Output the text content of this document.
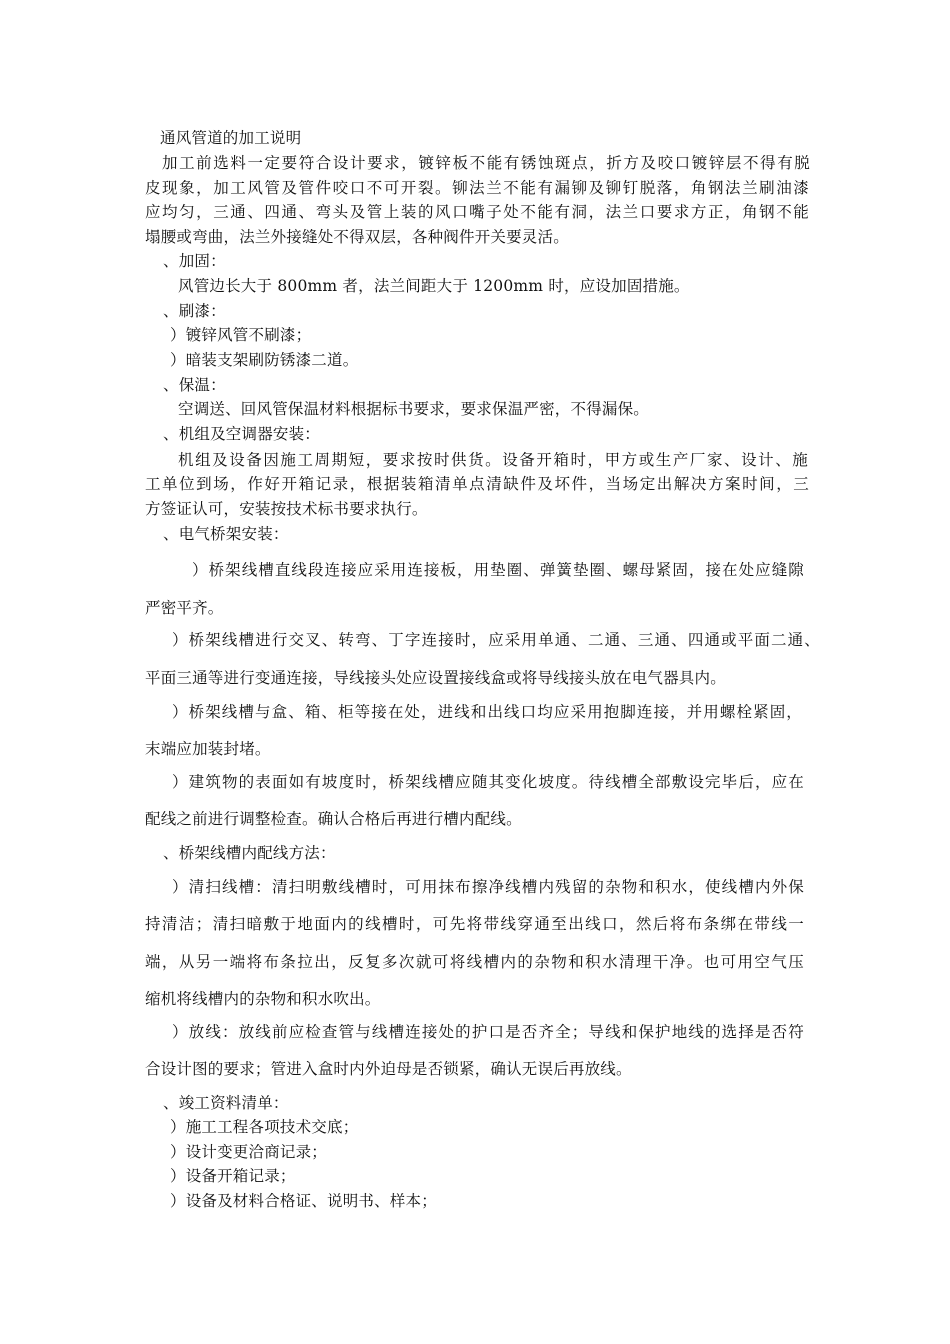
通风管道的加工说明
加工前选料一定要符合设计要求，镀锌板不能有锈蚀斑点，折方及咬口镀锌层不得有脱
皮现象，加工风管及管件咬口不可开裂。铆法兰不能有漏铆及铆钉脱落，角钢法兰刷油漆
应均匀，三通、四通、弯头及管上装的风口嘴子处不能有洞，法兰口要求方正，角钢不能
塌腰或弯曲，法兰外接缝处不得双层，各种阀件开关要灵活。
、加固：
风管边长大于 800mm 者，法兰间距大于 1200mm 时，应设加固措施。
、刷漆：
）镀锌风管不刷漆；
）暗装支架刷防锈漆二道。
、保温：
空调送、回风管保温材料根据标书要求，要求保温严密，不得漏保。
、机组及空调器安装：
机组及设备因施工周期短，要求按时供货。设备开箱时，甲方或生产厂家、设计、施
工单位到场，作好开箱记录，根据装箱清单点清缺件及坏件，当场定出解决方案时间，三
方签证认可，安装按技术标书要求执行。
、电气桥架安装：
）桥架线槽直线段连接应采用连接板，用垫圈、弹簧垫圈、螺母紧固，接在处应缝隙
严密平齐。
）桥架线槽进行交叉、转弯、丁字连接时，应采用单通、二通、三通、四通或平面二通、
平面三通等进行变通连接，导线接头处应设置接线盒或将导线接头放在电气器具内。
）桥架线槽与盒、箱、柜等接在处，进线和出线口均应采用抱脚连接，并用螺栓紧固，
末端应加装封堵。
）建筑物的表面如有坡度时，桥架线槽应随其变化坡度。待线槽全部敷设完毕后，应在
配线之前进行调整检查。确认合格后再进行槽内配线。
、桥架线槽内配线方法：
）清扫线槽：清扫明敷线槽时，可用抹布擦净线槽内残留的杂物和积水，使线槽内外保
持清洁；清扫暗敷于地面内的线槽时，可先将带线穿通至出线口，然后将布条绑在带线一
端，从另一端将布条拉出，反复多次就可将线槽内的杂物和积水清理干净。也可用空气压
缩机将线槽内的杂物和积水吹出。
）放线：放线前应检查管与线槽连接处的护口是否齐全；导线和保护地线的选择是否符
合设计图的要求；管进入盒时内外迫母是否锁紧，确认无误后再放线。
、竣工资料清单：
）施工工程各项技术交底；
）设计变更洽商记录；
）设备开箱记录；
）设备及材料合格证、说明书、样本；
